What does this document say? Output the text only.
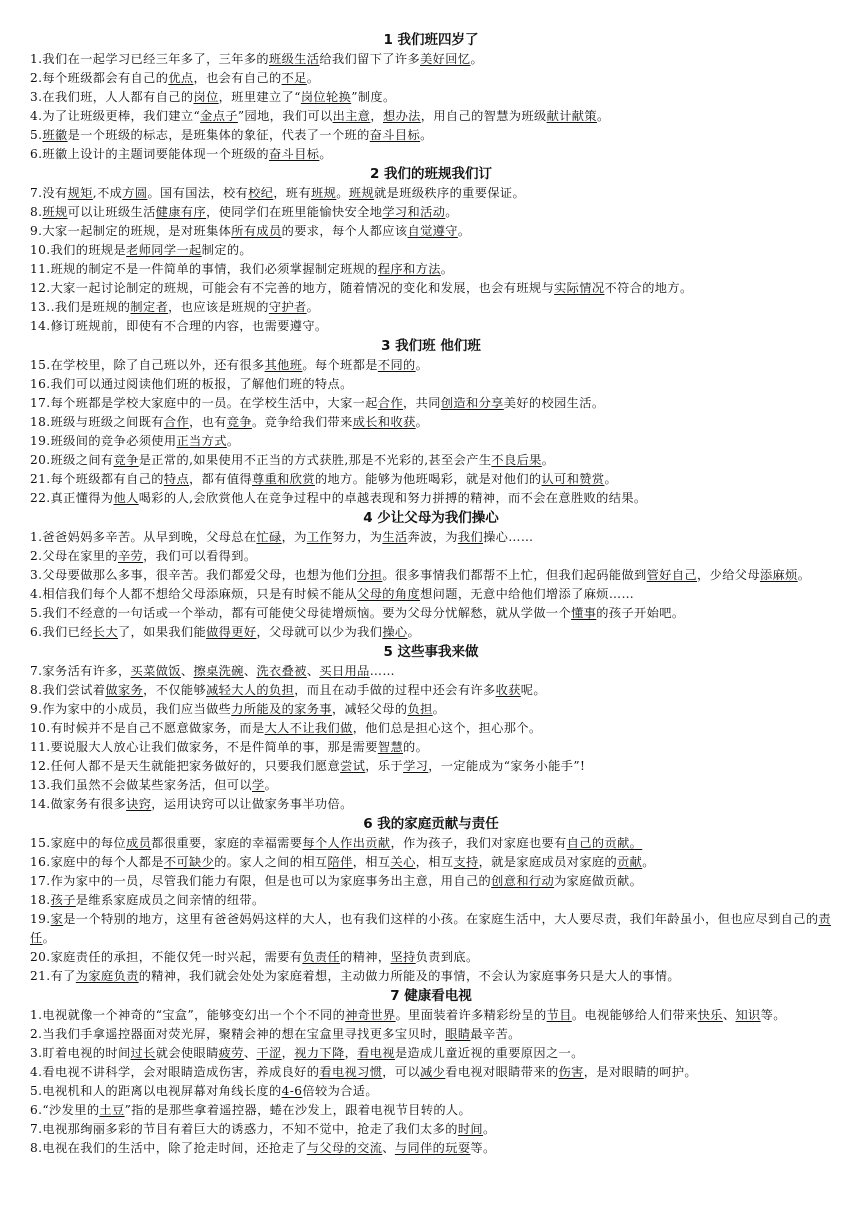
1 我们班四岁了
1.我们在一起学习已经三年多了，三年多的班级生活给我们留下了许多美好回忆。
2.每个班级都会有自己的优点，也会有自己的不足。
3.在我们班，人人都有自己的岗位，班里建立了“岗位轮换”制度。
4.为了让班级更棒，我们建立“金点子”园地，我们可以出主意，想办法，用自己的智慧为班级献计献策。
5.班徽是一个班级的标志，是班集体的象征，代表了一个班的奋斗目标。
6.班徽上设计的主题词要能体现一个班级的奋斗目标。
2 我们的班规我们订
7.没有规矩,不成方圆。国有国法，校有校纪，班有班规。班规就是班级秩序的重要保证。
8.班规可以让班级生活健康有序，使同学们在班里能愉快安全地学习和活动。
9.大家一起制定的班规，是对班集体所有成员的要求，每个人都应该自觉遵守。
10.我们的班规是老师同学一起制定的。
11.班规的制定不是一件简单的事情，我们必须掌握制定班规的程序和方法。
12.大家一起讨论制定的班规，可能会有不完善的地方，随着情况的变化和发展，也会有班规与实际情况不符合的地方。
13..我们是班规的制定者，也应该是班规的守护者。
14.修订班规前，即使有不合理的内容，也需要遵守。
3 我们班 他们班
15.在学校里，除了自己班以外，还有很多其他班。每个班都是不同的。
16.我们可以通过阅读他们班的板报，了解他们班的特点。
17.每个班都是学校大家庭中的一员。在学校生活中，大家一起合作，共同创造和分享美好的校园生活。
18.班级与班级之间既有合作，也有竞争。竞争给我们带来成长和收获。
19.班级间的竞争必须使用正当方式。
20.班级之间有竞争是正常的,如果使用不正当的方式获胜,那是不光彩的,甚至会产生不良后果。
21.每个班级都有自己的特点，都有值得尊重和欣赏的地方。能够为他班喝彩，就是对他们的认可和赞赏。
22.真正懂得为他人喝彩的人,会欣赏他人在竞争过程中的卓越表现和努力拼搏的精神，而不会在意胜败的结果。
4 少让父母为我们操心
1.爸爸妈妈多辛苦。从早到晚，父母总在忙碌，为工作努力，为生活奔波，为我们操心……
2.父母在家里的辛劳，我们可以看得到。
3.父母要做那么多事，很辛苦。我们都爱父母，也想为他们分担。很多事情我们都帮不上忙，但我们起码能做到管好自己，少给父母添麻烦。
4.相信我们每个人都不想给父母添麻烦，只是有时候不能从父母的角度想问题，无意中给他们增添了麻烦……
5.我们不经意的一句话或一个举动，都有可能使父母徒增烦恼。要为父母分忧解愁，就从学做一个懂事的孩子开始吧。
6.我们已经长大了，如果我们能做得更好，父母就可以少为我们操心。
5 这些事我来做
7.家务活有许多，买菜做饭、擦桌洗碗、洗衣叠被、买日用品……
8.我们尝试着做家务，不仅能够减轻大人的负担，而且在动手做的过程中还会有许多收获呢。
9.作为家中的小成员，我们应当做些力所能及的家务事，减轻父母的负担。
10.有时候并不是自己不愿意做家务，而是大人不让我们做，他们总是担心这个，担心那个。
11.要说服大人放心让我们做家务，不是件简单的事，那是需要智慧的。
12.任何人都不是天生就能把家务做好的，只要我们愿意尝试，乐于学习，一定能成为“家务小能手”!
13.我们虽然不会做某些家务活，但可以学。
14.做家务有很多诀窍，运用诀窍可以让做家务事半功倍。
6 我的家庭贡献与责任
15.家庭中的每位成员都很重要，家庭的幸福需要每个人作出贡献，作为孩子，我们对家庭也要有自己的贡献。
16.家庭中的每个人都是不可缺少的。家人之间的相互陪伴，相互关心，相互支持，就是家庭成员对家庭的贡献。
17.作为家中的一员，尽管我们能力有限，但是也可以为家庭事务出主意，用自己的创意和行动为家庭做贡献。
18.孩子是维系家庭成员之间亲情的纽带。
19.家是一个特别的地方，这里有爸爸妈妈这样的大人，也有我们这样的小孩。在家庭生活中，大人要尽责，我们年龄虽小，但也应尽到自己的责任。
20.家庭责任的承担，不能仅凭一时兴起，需要有负责任的精神，坚持负责到底。
21.有了为家庭负责的精神，我们就会处处为家庭着想，主动做力所能及的事情，不会认为家庭事务只是大人的事情。
7 健康看电视
1.电视就像一个神奇的“宝盒”，能够变幻出一个个不同的神奇世界。里面装着许多精彩纷呈的节目。电视能够给人们带来快乐、知识等。
2.当我们手拿遥控器面对荧光屏，聚精会神的想在宝盒里寻找更多宝贝时，眼睛最辛苦。
3.盯着电视的时间过长就会使眼睛疲劳、干涩，视力下降，看电视是造成儿童近视的重要原因之一。
4.看电视不讲科学，会对眼睛造成伤害，养成良好的看电视习惯，可以减少看电视对眼睛带来的伤害，是对眼睛的呵护。
5.电视机和人的距离以电视屏幕对角线长度的4-6倍较为合适。
6.“沙发里的土豆”指的是那些拿着遥控器，蜷在沙发上，跟着电视节目转的人。
7.电视那绚丽多彩的节目有着巨大的诱惑力，不知不觉中，抢走了我们太多的时间。
8.电视在我们的生活中，除了抢走时间，还抢走了与父母的交流、与同伴的玩耍等。
